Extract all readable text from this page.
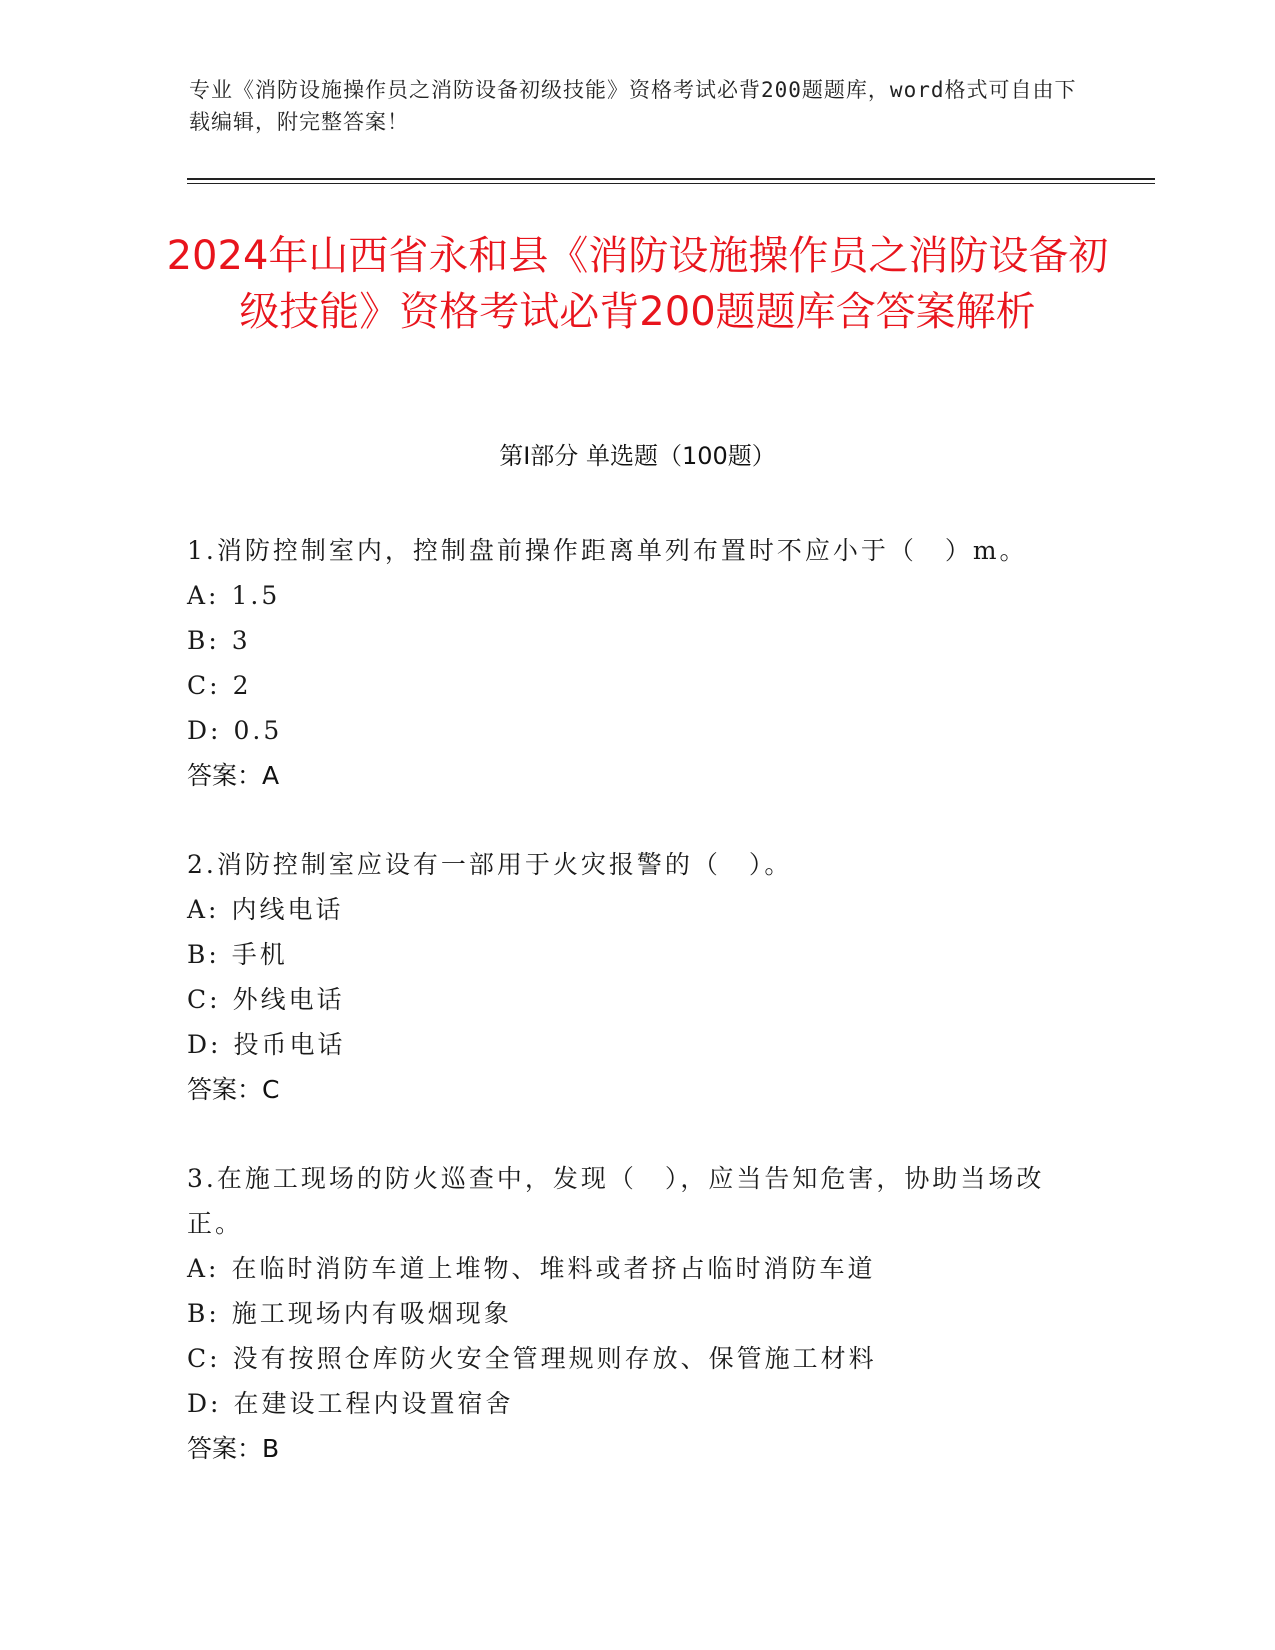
专业《消防设施操作员之消防设备初级技能》资格考试必背200题题库，word格式可自由下载编辑，附完整答案！
2024年山西省永和县《消防设施操作员之消防设备初级技能》资格考试必背200题题库含答案解析
第Ⅰ部分 单选题（100题）
1.消防控制室内，控制盘前操作距离单列布置时不应小于（　）m。
A: 1.5
B: 3
C: 2
D: 0.5
答案：A
2.消防控制室应设有一部用于火灾报警的（　）。
A: 内线电话
B: 手机
C: 外线电话
D: 投币电话
答案：C
3.在施工现场的防火巡查中，发现（　），应当告知危害，协助当场改正。
A: 在临时消防车道上堆物、堆料或者挤占临时消防车道
B: 施工现场内有吸烟现象
C: 没有按照仓库防火安全管理规则存放、保管施工材料
D: 在建设工程内设置宿舍
答案：B
